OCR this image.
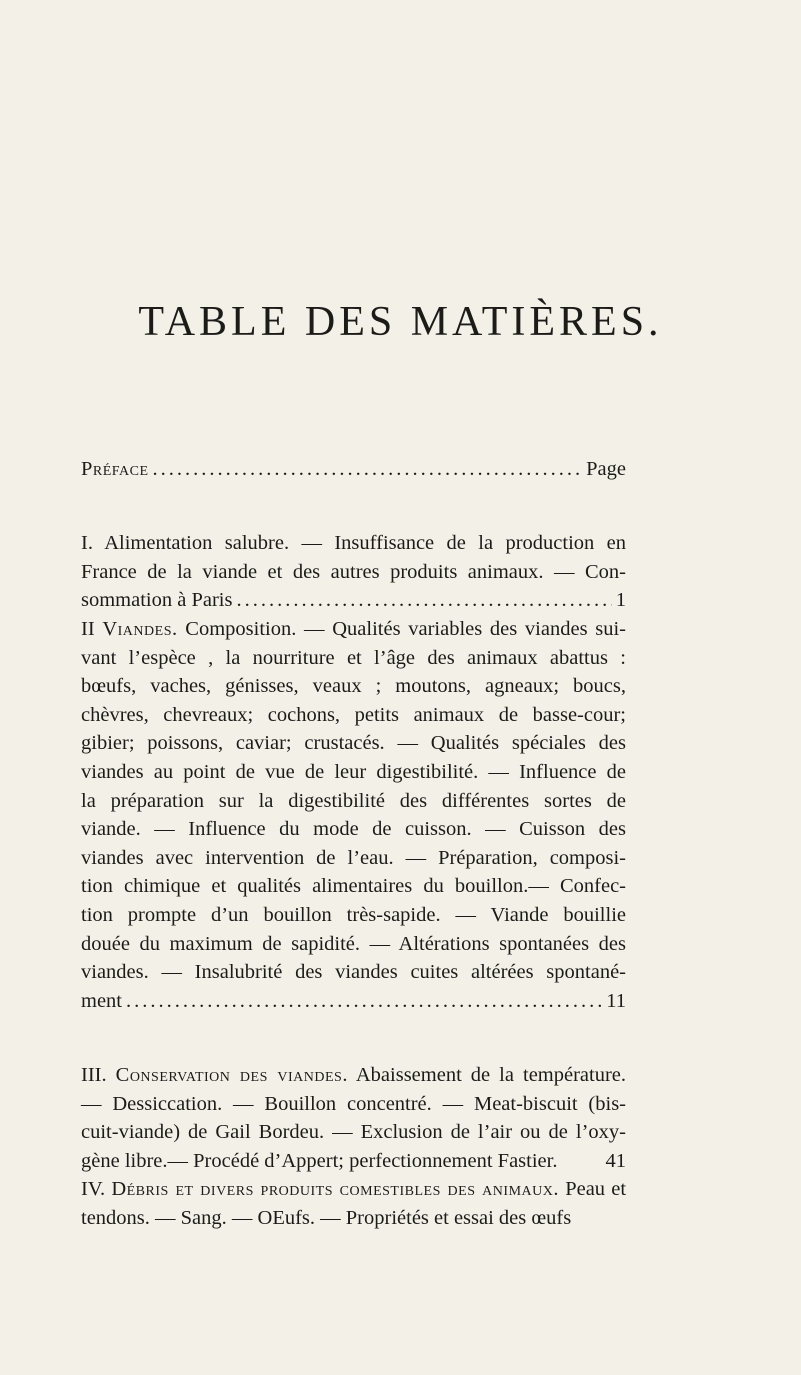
TABLE DES MATIÈRES.
Préface .....	Page
I. Alimentation salubre. — Insuffisance de la production en
France de la viande et des autres produits animaux. — Con-
sommation à Paris .....	1
II Viandes. Composition. — Qualités variables des viandes sui-
vant l’espèce , la nourriture et l’âge des animaux abattus :
bœufs, vaches, génisses, veaux ; moutons, agneaux; boucs,
chèvres, chevreaux; cochons, petits animaux de basse-cour;
gibier; poissons, caviar; crustacés. — Qualités spéciales des
viandes au point de vue de leur digestibilité. — Influence de
la préparation sur la digestibilité des différentes sortes de
viande. — Influence du mode de cuisson. — Cuisson des
viandes avec intervention de l’eau. — Préparation, composi-
tion chimique et qualités alimentaires du bouillon.— Confec-
tion prompte d’un bouillon très-sapide. — Viande bouillie
douée du maximum de sapidité. — Altérations spontanées des
viandes. — Insalubrité des viandes cuites altérées spontané-
ment .....	11
III. Conservation des viandes. Abaissement de la température.
— Dessiccation. — Bouillon concentré. — Meat-biscuit (bis-
cuit-viande) de Gail Bordeu. — Exclusion de l’air ou de l’oxy-
gène libre.— Procédé d’Appert; perfectionnement Fastier. 41
IV. Débris et divers produits comestibles des animaux. Peau et
tendons. — Sang. — OEufs. — Propriétés et essai des œufs
